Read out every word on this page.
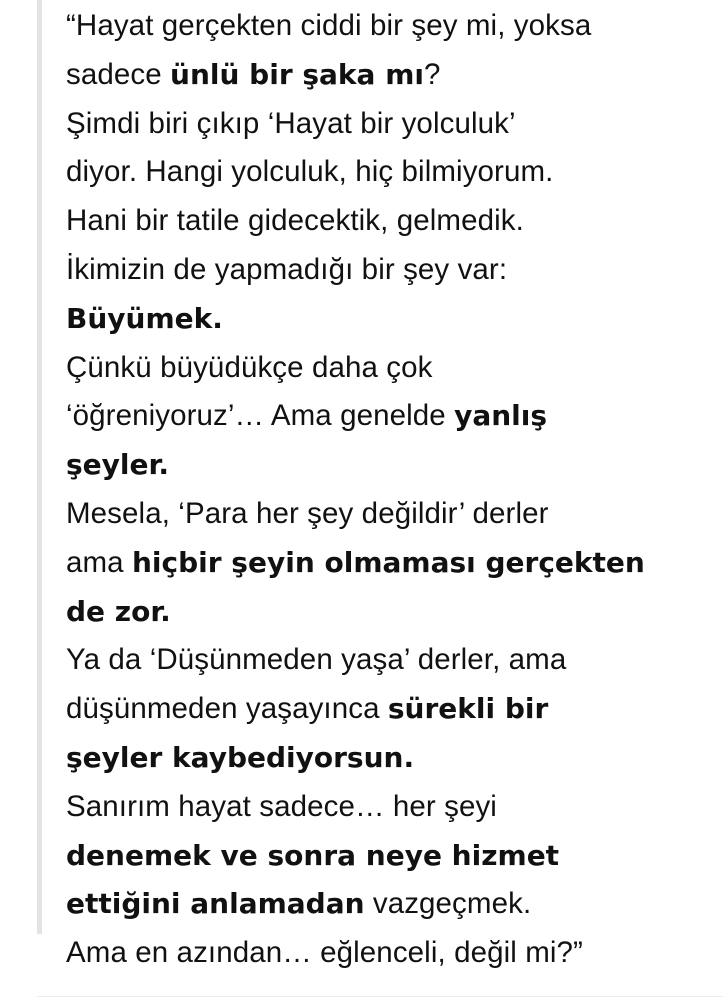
“Hayat gerçekten ciddi bir şey mi, yoksa
sadece ünlü bir şaka mı?
Şimdi biri çıkıp ‘Hayat bir yolculuk’
diyor. Hangi yolculuk, hiç bilmiyorum.
Hani bir tatile gidecektik, gelmedik.
İkimizin de yapmadığı bir şey var:
Büyümek.
Çünkü büyüdükçe daha çok
‘öğreniyoruz’… Ama genelde yanlış
şeyler.
Mesela, ‘Para her şey değildir’ derler
ama hiçbir şeyin olmaması gerçekten
de zor.
Ya da ‘Düşünmeden yaşa’ derler, ama
düşünmeden yaşayınca sürekli bir
şeyler kaybediyorsun.
Sanırım hayat sadece… her şeyi
denemek ve sonra neye hizmet
ettiğini anlamadan vazgeçmek.
Ama en azından… eğlenceli, değil mi?”
